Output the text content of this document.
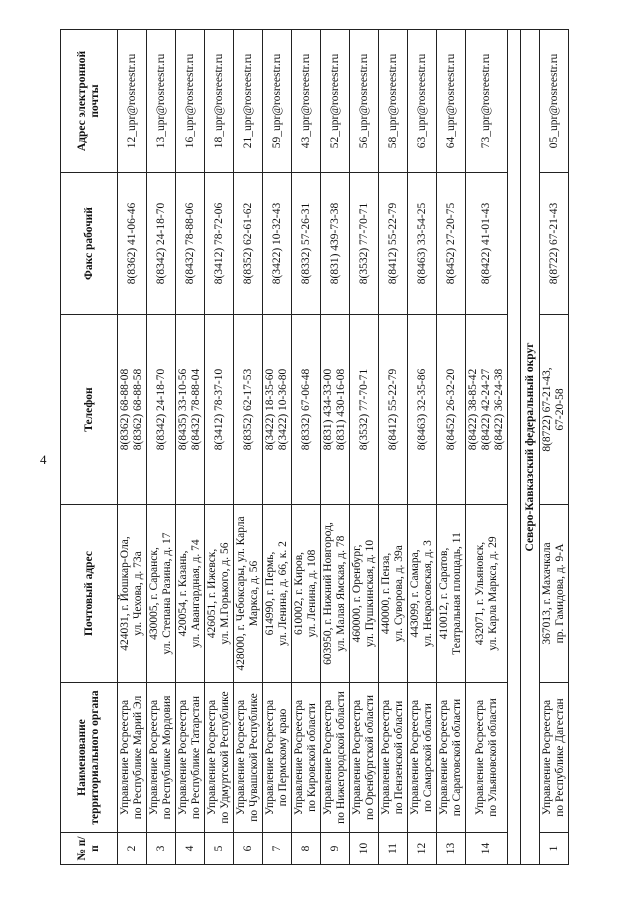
4
№ п/п	Наименование территориального органа	Почтовый адрес	Телефон	Факс рабочий	Адрес электронной почты
2	Управление Росреестра по Республике Марий Эл	424031, г. Йошкар-Ола, ул. Чехова, д. 73а	8(8362) 68-88-08 8(8362) 68-88-58	8(8362) 41-06-46	12_upr@rosreestr.ru
3	Управление Росреестра по Республике Мордовия	430005, г. Саранск, ул. Степана Разина, д. 17	8(8342) 24-18-70	8(8342) 24-18-70	13_upr@rosreestr.ru
4	Управление Росреестра по Республике Татарстан	420054, г. Казань, ул. Авангардная, д. 74	8(8435) 33-10-56 8(8432) 78-88-04	8(8432) 78-88-06	16_upr@rosreestr.ru
5	Управление Росреестра по Удмуртской Республике	426051, г. Ижевск, ул. М.Горького, д. 56	8(3412) 78-37-10	8(3412) 78-72-06	18_upr@rosreestr.ru
6	Управление Росреестра по Чувашской Республике	428000, г. Чебоксары, ул. Карла Маркса, д. 56	8(8352) 62-17-53	8(8352) 62-61-62	21_upr@rosreestr.ru
7	Управление Росреестра по Пермскому краю	614990, г. Пермь, ул. Ленина, д. 66, к. 2	8(3422) 18-35-60 8(3422) 10-36-80	8(3422) 10-32-43	59_upr@rosreestr.ru
8	Управление Росреестра по Кировской области	610002, г. Киров, ул. Ленина, д. 108	8(8332) 67-06-48	8(8332) 57-26-31	43_upr@rosreestr.ru
9	Управление Росреестра по Нижегородской области	603950, г. Нижний Новгород, ул. Малая Ямская, д. 78	8(831) 434-33-00 8(831) 430-16-08	8(831) 439-73-38	52_upr@rosreestr.ru
10	Управление Росреестра по Оренбургской области	460000, г. Оренбург, ул. Пушкинская, д. 10	8(3532) 77-70-71	8(3532) 77-70-71	56_upr@rosreestr.ru
11	Управление Росреестра по Пензенской области	440000, г. Пенза, ул. Суворова, д. 39а	8(8412) 55-22-79	8(8412) 55-22-79	58_upr@rosreestr.ru
12	Управление Росреестра по Самарской области	443099, г. Самара, ул. Некрасовская, д. 3	8(8463) 32-35-86	8(8463) 33-54-25	63_upr@rosreestr.ru
13	Управление Росреестра по Саратовской области	410012, г. Саратов, Театральная площадь, 11	8(8452) 26-32-20	8(8452) 27-20-75	64_upr@rosreestr.ru
14	Управление Росреестра по Ульяновской области	432071, г. Ульяновск, ул. Карла Маркса, д. 29	8(8422) 38-85-42 8(8422) 42-24-27 8(8422) 36-24-38	8(8422) 41-01-43	73_upr@rosreestr.ru

Северо-Кавказский федеральный округ					
1	Управление Росреестра по Республике Дагестан	367013, г. Махачкала пр. Гамидова, д. 9-А	8(8722) 67-21-43, 67-20-58	8(8722) 67-21-43	05_upr@rosreestr.ru
